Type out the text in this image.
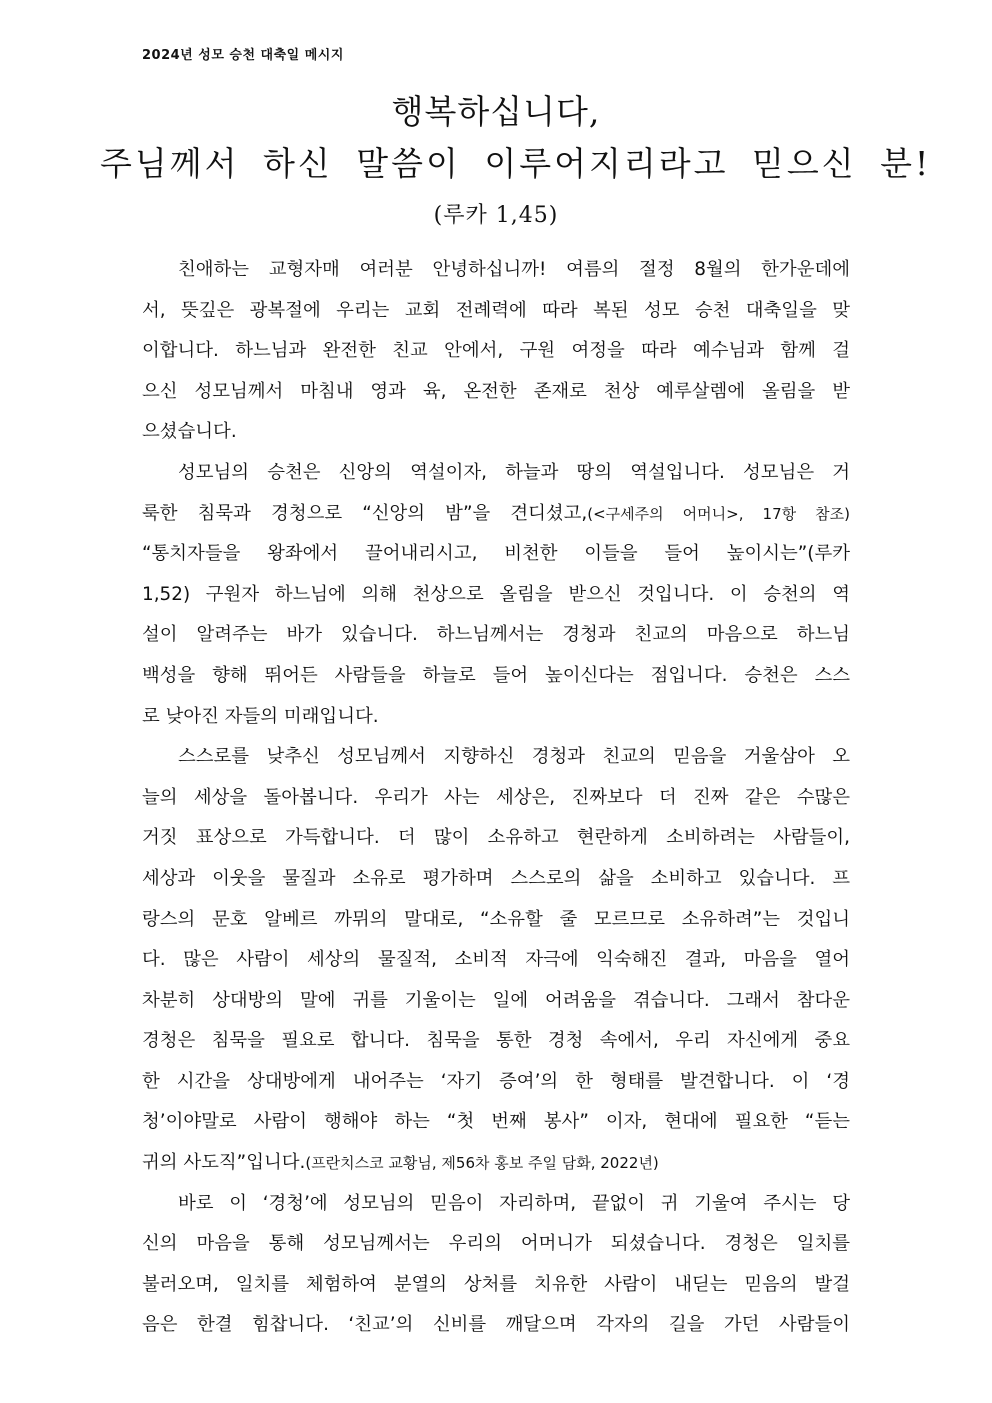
2024년 성모 승천 대축일 메시지
행복하십니다,
주님께서 하신 말씀이 이루어지리라고 믿으신 분!
(루카 1,45)
친애하는 교형자매 여러분 안녕하십니까! 여름의 절정 8월의 한가운데에
서, 뜻깊은 광복절에 우리는 교회 전례력에 따라 복된 성모 승천 대축일을 맞
이합니다. 하느님과 완전한 친교 안에서, 구원 여정을 따라 예수님과 함께 걸
으신 성모님께서 마침내 영과 육, 온전한 존재로 천상 예루살렘에 올림을 받
으셨습니다.
성모님의 승천은 신앙의 역설이자, 하늘과 땅의 역설입니다. 성모님은 거
룩한 침묵과 경청으로 “신앙의 밤”을 견디셨고,(<구세주의 어머니>, 17항 참조)
“통치자들을 왕좌에서 끌어내리시고, 비천한 이들을 들어 높이시는”(루카
1,52) 구원자 하느님에 의해 천상으로 올림을 받으신 것입니다. 이 승천의 역
설이 알려주는 바가 있습니다. 하느님께서는 경청과 친교의 마음으로 하느님
백성을 향해 뛰어든 사람들을 하늘로 들어 높이신다는 점입니다. 승천은 스스
로 낮아진 자들의 미래입니다.
스스로를 낮추신 성모님께서 지향하신 경청과 친교의 믿음을 거울삼아 오
늘의 세상을 돌아봅니다. 우리가 사는 세상은, 진짜보다 더 진짜 같은 수많은
거짓 표상으로 가득합니다. 더 많이 소유하고 현란하게 소비하려는 사람들이,
세상과 이웃을 물질과 소유로 평가하며 스스로의 삶을 소비하고 있습니다. 프
랑스의 문호 알베르 까뮈의 말대로, “소유할 줄 모르므로 소유하려”는 것입니
다. 많은 사람이 세상의 물질적, 소비적 자극에 익숙해진 결과, 마음을 열어
차분히 상대방의 말에 귀를 기울이는 일에 어려움을 겪습니다. 그래서 참다운
경청은 침묵을 필요로 합니다. 침묵을 통한 경청 속에서, 우리 자신에게 중요
한 시간을 상대방에게 내어주는 ‘자기 증여’의 한 형태를 발견합니다. 이 ‘경
청’이야말로 사람이 행해야 하는 “첫 번째 봉사” 이자, 현대에 필요한 “듣는
귀의 사도직”입니다.(프란치스코 교황님, 제56차 홍보 주일 담화, 2022년)
바로 이 ‘경청’에 성모님의 믿음이 자리하며, 끝없이 귀 기울여 주시는 당
신의 마음을 통해 성모님께서는 우리의 어머니가 되셨습니다. 경청은 일치를
불러오며, 일치를 체험하여 분열의 상처를 치유한 사람이 내딛는 믿음의 발걸
음은 한결 힘찹니다. ‘친교’의 신비를 깨달으며 각자의 길을 가던 사람들이
